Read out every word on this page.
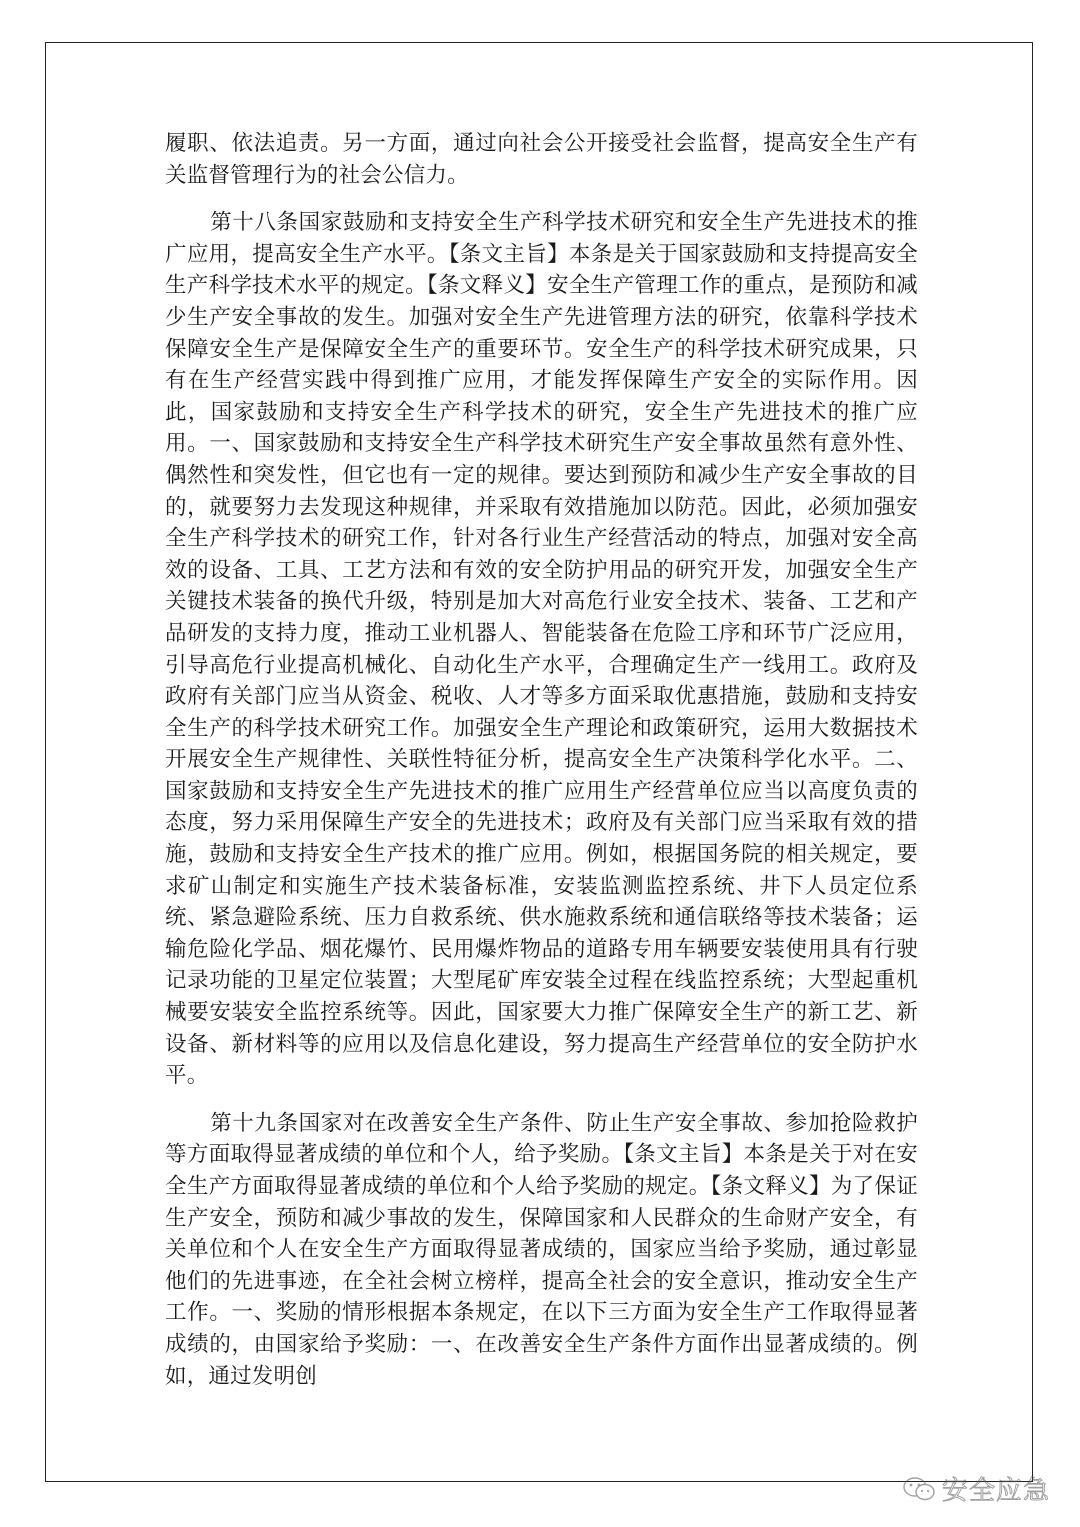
履职、依法追责。另一方面，通过向社会公开接受社会监督，提高安全生产有关监督管理行为的社会公信力。

第十八条国家鼓励和支持安全生产科学技术研究和安全生产先进技术的推广应用，提高安全生产水平。【条文主旨】本条是关于国家鼓励和支持提高安全生产科学技术水平的规定。【条文释义】安全生产管理工作的重点，是预防和减少生产安全事故的发生。加强对安全生产先进管理方法的研究，依靠科学技术保障安全生产是保障安全生产的重要环节。安全生产的科学技术研究成果，只有在生产经营实践中得到推广应用，才能发挥保障生产安全的实际作用。因此，国家鼓励和支持安全生产科学技术的研究，安全生产先进技术的推广应用。一、国家鼓励和支持安全生产科学技术研究生产安全事故虽然有意外性、偶然性和突发性，但它也有一定的规律。要达到预防和减少生产安全事故的目的，就要努力去发现这种规律，并采取有效措施加以防范。因此，必须加强安全生产科学技术的研究工作，针对各行业生产经营活动的特点，加强对安全高效的设备、工具、工艺方法和有效的安全防护用品的研究开发，加强安全生产关键技术装备的换代升级，特别是加大对高危行业安全技术、装备、工艺和产品研发的支持力度，推动工业机器人、智能装备在危险工序和环节广泛应用，引导高危行业提高机械化、自动化生产水平，合理确定生产一线用工。政府及政府有关部门应当从资金、税收、人才等多方面采取优惠措施，鼓励和支持安全生产的科学技术研究工作。加强安全生产理论和政策研究，运用大数据技术开展安全生产规律性、关联性特征分析，提高安全生产决策科学化水平。二、国家鼓励和支持安全生产先进技术的推广应用生产经营单位应当以高度负责的态度，努力采用保障生产安全的先进技术；政府及有关部门应当采取有效的措施，鼓励和支持安全生产技术的推广应用。例如，根据国务院的相关规定，要求矿山制定和实施生产技术装备标准，安装监测监控系统、井下人员定位系统、紧急避险系统、压力自救系统、供水施救系统和通信联络等技术装备；运输危险化学品、烟花爆竹、民用爆炸物品的道路专用车辆要安装使用具有行驶记录功能的卫星定位装置；大型尾矿库安装全过程在线监控系统；大型起重机械要安装安全监控系统等。因此，国家要大力推广保障安全生产的新工艺、新设备、新材料等的应用以及信息化建设，努力提高生产经营单位的安全防护水平。

第十九条国家对在改善安全生产条件、防止生产安全事故、参加抢险救护等方面取得显著成绩的单位和个人，给予奖励。【条文主旨】本条是关于对在安全生产方面取得显著成绩的单位和个人给予奖励的规定。【条文释义】为了保证生产安全，预防和减少事故的发生，保障国家和人民群众的生命财产安全，有关单位和个人在安全生产方面取得显著成绩的，国家应当给予奖励，通过彰显他们的先进事迹，在全社会树立榜样，提高全社会的安全意识，推动安全生产工作。一、奖励的情形根据本条规定，在以下三方面为安全生产工作取得显著成绩的，由国家给予奖励：一、在改善安全生产条件方面作出显著成绩的。例如，通过发明创

安全应急
